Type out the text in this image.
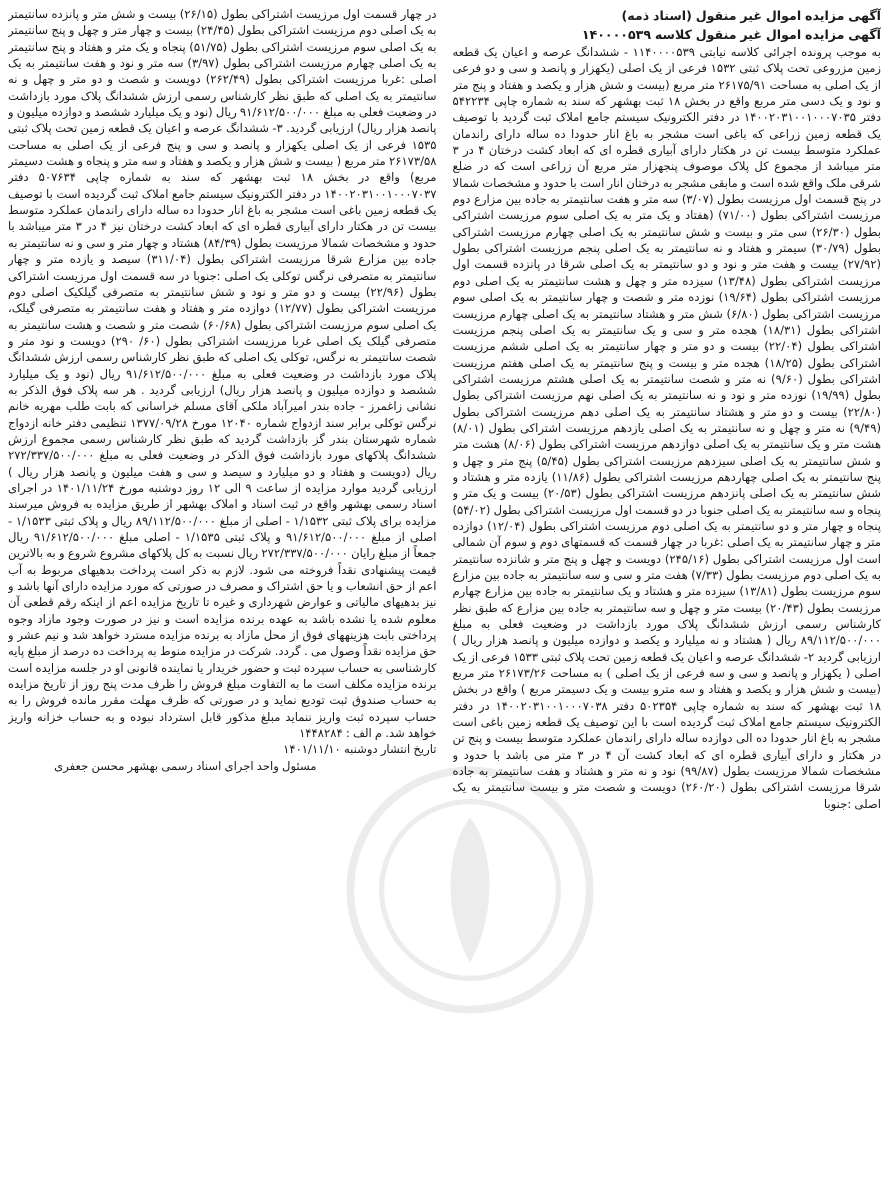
آگهی مزایده اموال غیر منقول (اسناد ذمه)
آگهی مزایده اموال غیر منقول کلاسه ۱۴۰۰۰۰۵۳۹

به موجب پرونده اجرائی کلاسه نیابتی ۱۱۴۰۰۰۰۵۳۹ - ششدانگ عرصه و اعیان یک قطعه زمین مزروعی تحت پلاک ثبتی ۱۵۳۲ فرعی از یک اصلی (یکهزار و پانصد و سی و دو فرعی از یک اصلی به مساحت ۲۶۱۷۵/۹۱ متر مربع (بیست و شش هزار و یکصد و هفتاد و پنج متر و نود و یک دسی متر مربع واقع در بخش ۱۸ ثبت بهشهر که سند به شماره چاپی ۵۴۲۲۳۴ دفتر ۱۴۰۰۲۰۳۱۰۰۱۰۰۰۷۰۳۵ در دفتر الکترونیک سیستم جامع املاک ثبت گردید با توصیف یک قطعه زمین زراعی که باغی است مشجر به باغ انار حدودا ده ساله دارای راندمان عملکرد متوسط بیست تن در هکتار دارای آبیاری قطره ای که ابعاد کشت درختان ۴ در ۳ متر میباشد از مجموع کل پلاک موصوف پنجهزار متر مربع آن زراعی است که در ضلع شرقی ملک واقع شده است و مابقی مشجر به درختان انار است با حدود و مشخصات شمالا در پنج قسمت اول مرزیست بطول (۳/۰۷) سه متر و هفت سانتیمتر به جاده بین مزارع دوم مرزیست اشتراکی بطول (۷۱/۰۰) (هفتاد و یک متر به یک اصلی سوم مرزیست اشتراکی بطول (۲۶/۳۰) سی متر و بیست و شش سانتیمتر به یک اصلی چهارم مرزیست اشتراکی بطول (۳۰/۷۹) سیمتر و هفتاد و نه سانتیمتر به یک اصلی پنجم مرزیست اشتراکی بطول (۲۷/۹۲) بیست و هفت متر و نود و دو سانتیمتر به یک اصلی شرقا در پانزده قسمت اول مرزیست اشتراکی بطول (۱۳/۴۸) سیزده متر و چهل و هشت سانتیمتر به یک اصلی دوم مرزیست اشتراکی بطول (۱۹/۶۴) نوزده متر و شصت و چهار سانتیمتر به یک اصلی سوم مرزیست اشتراکی بطول (۶/۸۰) شش متر و هشتاد سانتیمتر به یک اصلی چهارم مرزیست اشتراکی بطول (۱۸/۳۱) هجده متر و سی و یک سانتیمتر به یک اصلی پنجم مرزیست اشتراکی بطول (۲۲/۰۴) بیست و دو متر و چهار سانتیمتر به یک اصلی ششم مرزیست اشتراکی بطول (۱۸/۲۵) هجده متر و بیست و پنج سانتیمتر به یک اصلی هفتم مرزیست اشتراکی بطول (۹/۶۰) نه متر و شصت سانتیمتر به یک اصلی هشتم مرزیست اشتراکی بطول (۱۹/۹۹) نوزده متر و نود و نه سانتیمتر به یک اصلی نهم مرزیست اشتراکی بطول (۲۲/۸۰) بیست و دو متر و هشتاد سانتیمتر به یک اصلی دهم مرزیست اشتراکی بطول (۹/۴۹) نه متر و چهل و نه سانتیمتر به یک اصلی یازدهم مرزیست اشتراکی بطول (۸/۰۱) هشت متر و یک سانتیمتر به یک اصلی دوازدهم مرزیست اشتراکی بطول (۸/۰۶) هشت متر و شش سانتیمتر به یک اصلی سیزدهم مرزیست اشتراکی بطول (۵/۴۵) پنج متر و چهل و پنج سانتیمتر به یک اصلی چهاردهم مرزیست اشتراکی بطول (۱۱/۸۶) یازده متر و هشتاد و شش سانتیمتر به یک اصلی پانزدهم مرزیست اشتراکی بطول (۲۰/۵۳) بیست و یک متر و پنجاه و سه سانتیمتر به یک اصلی جنوبا در دو قسمت اول مرزیست اشتراکی بطول (۵۴/۰۲) پنجاه و چهار متر و دو سانتیمتر به یک اصلی دوم مرزیست اشتراکی بطول (۱۲/۰۴) دوازده متر و چهار سانتیمتر به یک اصلی :غربا در چهار قسمت که قسمتهای دوم و سوم آن شمالی است اول مرزیست اشتراکی بطول (۲۴۵/۱۶) دویست و چهل و پنج متر و شانزده سانتیمتر به یک اصلی دوم مرزیست بطول (۷/۳۳) هفت متر و سی و سه سانتیمتر به جاده بین مزارع سوم مرزیست بطول (۱۳/۸۱) سیزده متر و هشتاد و یک سانتیمتر به جاده بین مزارع چهارم مرزیست بطول (۲۰/۴۳) بیست متر و چهل و سه سانتیمتر به جاده بین مزارع که طبق نظر کارشناس رسمی ارزش ششدانگ پلاک مورد بازداشت در وضعیت فعلی به مبلغ ۸۹/۱۱۲/۵۰۰/۰۰۰ ریال ( هشتاد و نه میلیارد و یکصد و دوازده میلیون و پانصد هزار ریال ) ارزیابی گردید ۲- ششدانگ عرصه و اعیان یک قطعه زمین تحت پلاک ثبتی ۱۵۳۳ فرعی از یک اصلی ( یکهزار و پانصد و سی و سه فرعی از یک اصلی ) به مساحت ۲۶۱۷۳/۲۶ متر مربع (بیست و شش هزار و یکصد و هفتاد و سه مترو بیست و یک دسیمتر مربع ) واقع در بخش ۱۸ ثبت بهشهر که سند به شماره چاپی ۵۰۲۳۵۴ دفتر ۱۴۰۰۲۰۳۱۰۰۱۰۰۰۷۰۳۸ در دفتر الکترونیک سیستم جامع املاک ثبت گردیده است با این توصیف یک قطعه زمین باغی است مشجر به باغ انار حدودا ده الی دوازده ساله دارای راندمان عملکرد متوسط بیست و پنج تن در هکتار و دارای آبیاری قطره ای که ابعاد کشت آن ۴ در ۳ متر می باشد با حدود و مشخصات شمالا مرزیست بطول (۹۹/۸۷) نود و نه متر و هشتاد و هفت سانتیمتر به جاده شرقا مرزیست اشتراکی بطول (۲۶۰/۲۰) دویست و شصت متر و بیست سانتیمتر به یک اصلی :جنوبا

در چهار قسمت اول مرزیست اشتراکی بطول (۲۶/۱۵) بیست و شش متر و پانزده سانتیمتر به یک اصلی دوم مرزیست اشتراکی بطول (۲۴/۴۵) بیست و چهار متر و چهل و پنج سانتیمتر به یک اصلی سوم مرزیست اشتراکی بطول (۵۱/۷۵) پنجاه و یک متر و هفتاد و پنج سانتیمتر به یک اصلی چهارم مرزیست اشتراکی بطول (۳/۹۷) سه متر و نود و هفت سانتیمتر به یک اصلی :غربا مرزیست اشتراکی بطول (۲۶۲/۴۹) دویست و شصت و دو متر و چهل و نه سانتیمتر به یک اصلی که طبق نظر کارشناس رسمی ارزش ششدانگ پلاک مورد بازداشت در وضعیت فعلی به مبلغ ۹۱/۶۱۲/۵۰۰/۰۰۰ ریال (نود و یک میلیارد ششصد و دوازده میلیون و پانصد هزار ریال) ارزیابی گردید. ۳- ششدانگ عرصه و اعیان یک قطعه زمین تحت پلاک ثبتی ۱۵۳۵ فرعی از یک اصلی یکهزار و پانصد و سی و پنج فرعی از یک اصلی به مساحت ۲۶۱۷۳/۵۸ متر مربع ( بیست و شش هزار و یکصد و هفتاد و سه متر و پنجاه و هشت دسیمتر مربع) واقع در بخش ۱۸ ثبت بهشهر که سند به شماره چاپی ۵۰۷۶۳۴ دفتر ۱۴۰۰۲۰۳۱۰۰۱۰۰۰۷۰۳۷ در دفتر الکترونیک سیستم جامع املاک ثبت گردیده است با توصیف یک قطعه زمین باغی است مشجر به باغ انار حدودا ده ساله دارای راندمان عملکرد متوسط بیست تن در هکتار دارای آبیاری قطره ای که ابعاد کشت درختان نیز ۴ در ۳ متر میباشد با حدود و مشخصات شمالا مرزیست بطول (۸۴/۳۹) هشتاد و چهار متر و سی و نه سانتیمتر به جاده بین مزارع شرقا مرزیست اشتراکی بطول (۳۱۱/۰۴) سیصد و یازده متر و چهار سانتیمتر به متصرفی نرگس توکلی یک اصلی :جنوبا در سه قسمت اول مرزیست اشتراکی بطول (۲۲/۹۶) بیست و دو متر و نود و شش سانتیمتر به متصرفی گیلکیک اصلی دوم مرزیست اشتراکی بطول (۱۲/۷۷) دوازده متر و هفتاد و هفت سانتیمتر به متصرفی گیلک، یک اصلی سوم مرزیست اشتراکی بطول (۶۰/۶۸) شصت متر و شصت و هشت سانتیمتر به متصرفی گیلک یک اصلی غربا مرزیست اشتراکی بطول (۶۰/ ۲۹۰) دویست و نود متر و شصت سانتیمتر به نرگس، توکلی یک اصلی که طبق نظر کارشناس رسمی ارزش ششدانگ پلاک مورد بازداشت در وضعیت فعلی به مبلغ ۹۱/۶۱۲/۵۰۰/۰۰۰ ریال (نود و یک میلیارد ششصد و دوازده میلیون و پانصد هزار ریال) ارزیابی گردید . هر سه پلاک فوق الذکر به نشانی زاغمرز - جاده بندر امیرآباد ملکی آقای مسلم خراسانی که بابت طلب مهریه خانم نرگس توکلی برابر سند ازدواج شماره ۱۲۰۴۰ مورخ ۱۳۷۷/۰۹/۲۸ تنظیمی دفتر خانه ازدواج شماره شهرستان بندر گز بازداشت گردید که طبق نظر کارشناس رسمی مجموع ارزش ششدانگ پلاکهای مورد بازداشت فوق الذکر در وضعیت فعلی به مبلغ ۲۷۲/۳۳۷/۵۰۰/۰۰۰ ریال (دویست و هفتاد و دو میلیارد و سیصد و سی و هفت میلیون و پانصد هزار ریال ) ارزیابی گردید موارد مزایده از ساعت ۹ الی ۱۲ روز دوشنبه مورخ ۱۴۰۱/۱۱/۲۴ در اجرای اسناد رسمی بهشهر واقع در ثبت اسناد و املاک بهشهر از طریق مزایده به فروش میرسند مزایده برای پلاک ثبتی ۱/۱۵۳۲ - اصلی از مبلغ ۸۹/۱۱۲/۵۰۰/۰۰۰ ریال و پلاک ثبتی ۱/۱۵۳۳ - اصلی از مبلغ ۹۱/۶۱۲/۵۰۰/۰۰۰ و پلاک ثبتی ۱/۱۵۳۵ - اصلی مبلغ ۹۱/۶۱۲/۵۰۰/۰۰۰ ریال جمعاً از مبلغ رایان ۲۷۲/۳۳۷/۵۰۰/۰۰۰ ریال نسبت به کل پلاکهای مشروع شروع و به بالاترین قیمت پیشنهادی نقداً فروخته می شود. لازم به ذکر است پرداخت بدهیهای مربوط به آب اعم از حق انشعاب و یا حق اشتراک و مصرف در صورتی که مورد مزایده دارای آنها باشد و نیز بدهیهای مالیاتی و عوارض شهرداری و غیره تا تاریخ مزایده اعم از اینکه رقم قطعی آن معلوم شده یا نشده باشد به عهده برنده مزایده است و نیز در صورت وجود مازاد وجوه پرداختی بابت هزینههای فوق از محل مازاد به برنده مزایده مسترد خواهد شد و نیم عشر و حق مزایده نقداً وصول می . گردد. شرکت در مزایده منوط به پرداخت ده درصد از مبلغ پایه کارشناسی به حساب سپرده ثبت و حضور خریدار یا نماینده قانونی او در جلسه مزایده است برنده مزایده مکلف است ما به التفاوت مبلغ فروش را ظرف مدت پنج روز از تاریخ مزایده به حساب صندوق ثبت تودیع نماید و در صورتی که ظرف مهلت مقرر مانده فروش را به حساب سپرده ثبت واریز ننماید مبلغ مذکور قابل استرداد نبوده و به حساب خزانه واریز خواهد شد. م الف : ۱۴۴۸۲۸۴

تاریخ انتشار دوشنبه ۱۴۰۱/۱۱/۱۰

مسئول واحد اجرای اسناد رسمی بهشهر محسن جعفری
